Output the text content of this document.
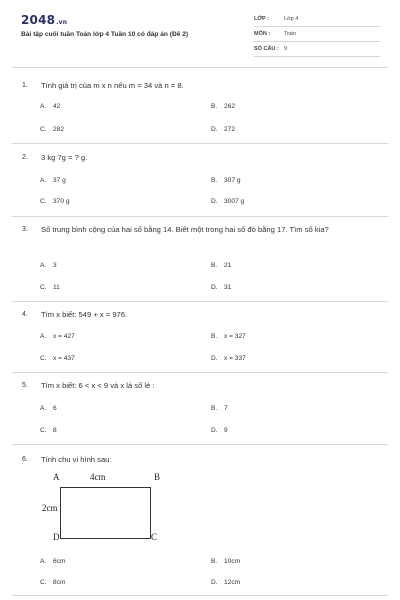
2048.vn
Bài tập cuối tuần Toán lớp 4 Tuần 10 có đáp án (Đề 2)
LỚP :	Lớp 4
MÔN :	Toán
SỐ CÂU : 9
1. Tính giá trị của m x n nếu m = 34 và n = 8.
A. 42	B. 262
C. 282	D. 272
2. 3 kg 7g = ? g.
A. 37 g	B. 307 g
C. 370 g	D. 3007 g
3. Số trung bình cộng của hai số bằng 14. Biết một trong hai số đó bằng 17. Tìm số kia?
A. 3	B. 21
C. 11	D. 31
4. Tìm x biết: 549 + x = 976.
A. x = 427	B. x = 327
C. x = 437	D. x = 337
5. Tìm x biết: 6 < x < 9 và x là số lẻ :
A. 6	B. 7
C. 8	D. 9
6. Tính chu vi hình sau:
A	4cm	B
2cm
D	C
A. 6cm	B. 10cm
C. 8cm	D. 12cm
